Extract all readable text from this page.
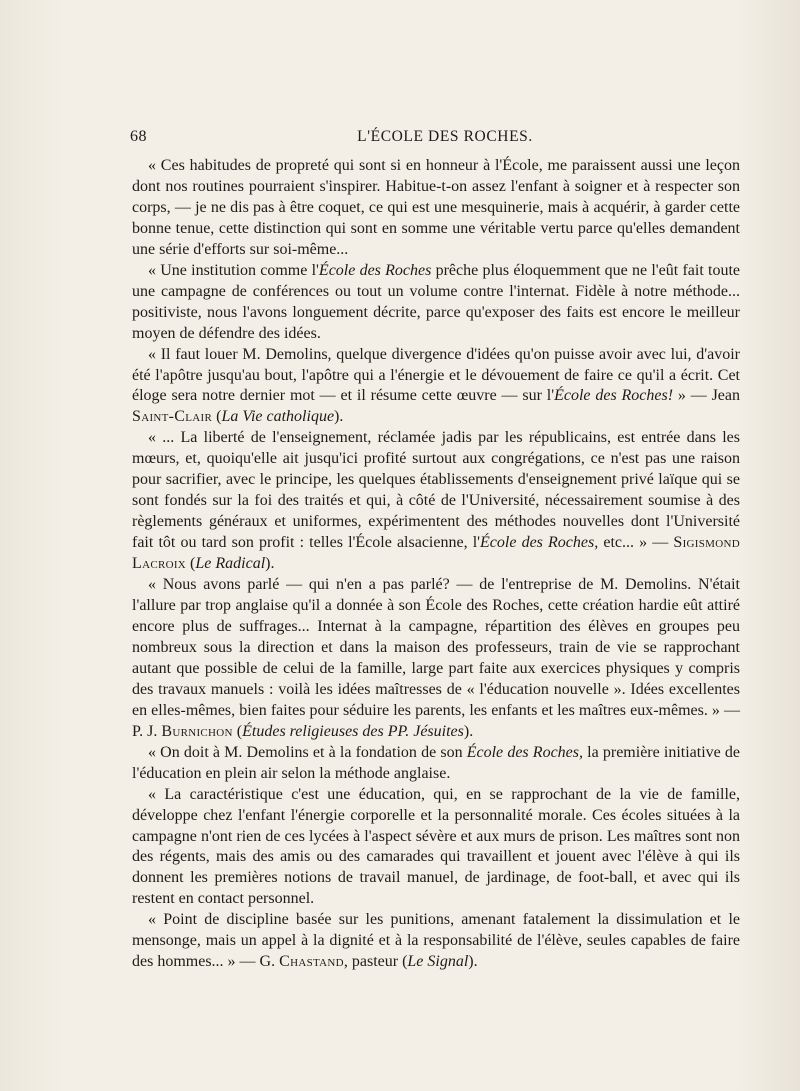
68	L'ÉCOLE DES ROCHES.

« Ces habitudes de propreté qui sont si en honneur à l'École, me paraissent aussi une leçon dont nos routines pourraient s'inspirer. Habitue-t-on assez l'enfant à soigner et à respecter son corps, — je ne dis pas à être coquet, ce qui est une mesquinerie, mais à acquérir, à garder cette bonne tenue, cette distinction qui sont en somme une véritable vertu parce qu'elles demandent une série d'efforts sur soi-même...

« Une institution comme l'École des Roches prêche plus éloquemment que ne l'eût fait toute une campagne de conférences ou tout un volume contre l'internat. Fidèle à notre méthode... positiviste, nous l'avons longuement décrite, parce qu'exposer des faits est encore le meilleur moyen de défendre des idées.

« Il faut louer M. Demolins, quelque divergence d'idées qu'on puisse avoir avec lui, d'avoir été l'apôtre jusqu'au bout, l'apôtre qui a l'énergie et le dévouement de faire ce qu'il a écrit. Cet éloge sera notre dernier mot — et il résume cette œuvre — sur l'École des Roches! » — Jean Saint-Clair (La Vie catholique).

« ... La liberté de l'enseignement, réclamée jadis par les républicains, est entrée dans les mœurs, et, quoiqu'elle ait jusqu'ici profité surtout aux congrégations, ce n'est pas une raison pour sacrifier, avec le principe, les quelques établissements d'enseignement privé laïque qui se sont fondés sur la foi des traités et qui, à côté de l'Université, nécessairement soumise à des règlements généraux et uniformes, expérimentent des méthodes nouvelles dont l'Université fait tôt ou tard son profit : telles l'École alsacienne, l'École des Roches, etc... » — Sigismond Lacroix (Le Radical).

« Nous avons parlé — qui n'en a pas parlé? — de l'entreprise de M. Demolins. N'était l'allure par trop anglaise qu'il a donnée à son École des Roches, cette création hardie eût attiré encore plus de suffrages... Internat à la campagne, répartition des élèves en groupes peu nombreux sous la direction et dans la maison des professeurs, train de vie se rapprochant autant que possible de celui de la famille, large part faite aux exercices physiques y compris des travaux manuels : voilà les idées maîtresses de « l'éducation nouvelle ». Idées excellentes en elles-mêmes, bien faites pour séduire les parents, les enfants et les maîtres eux-mêmes. » — P. J. Burnichon (Études religieuses des PP. Jésuites).

« On doit à M. Demolins et à la fondation de son École des Roches, la première initiative de l'éducation en plein air selon la méthode anglaise.

« La caractéristique c'est une éducation, qui, en se rapprochant de la vie de famille, développe chez l'enfant l'énergie corporelle et la personnalité morale. Ces écoles situées à la campagne n'ont rien de ces lycées à l'aspect sévère et aux murs de prison. Les maîtres sont non des régents, mais des amis ou des camarades qui travaillent et jouent avec l'élève à qui ils donnent les premières notions de travail manuel, de jardinage, de foot-ball, et avec qui ils restent en contact personnel.

« Point de discipline basée sur les punitions, amenant fatalement la dissimulation et le mensonge, mais un appel à la dignité et à la responsabilité de l'élève, seules capables de faire des hommes... » — G. Chastand, pasteur (Le Signal).
